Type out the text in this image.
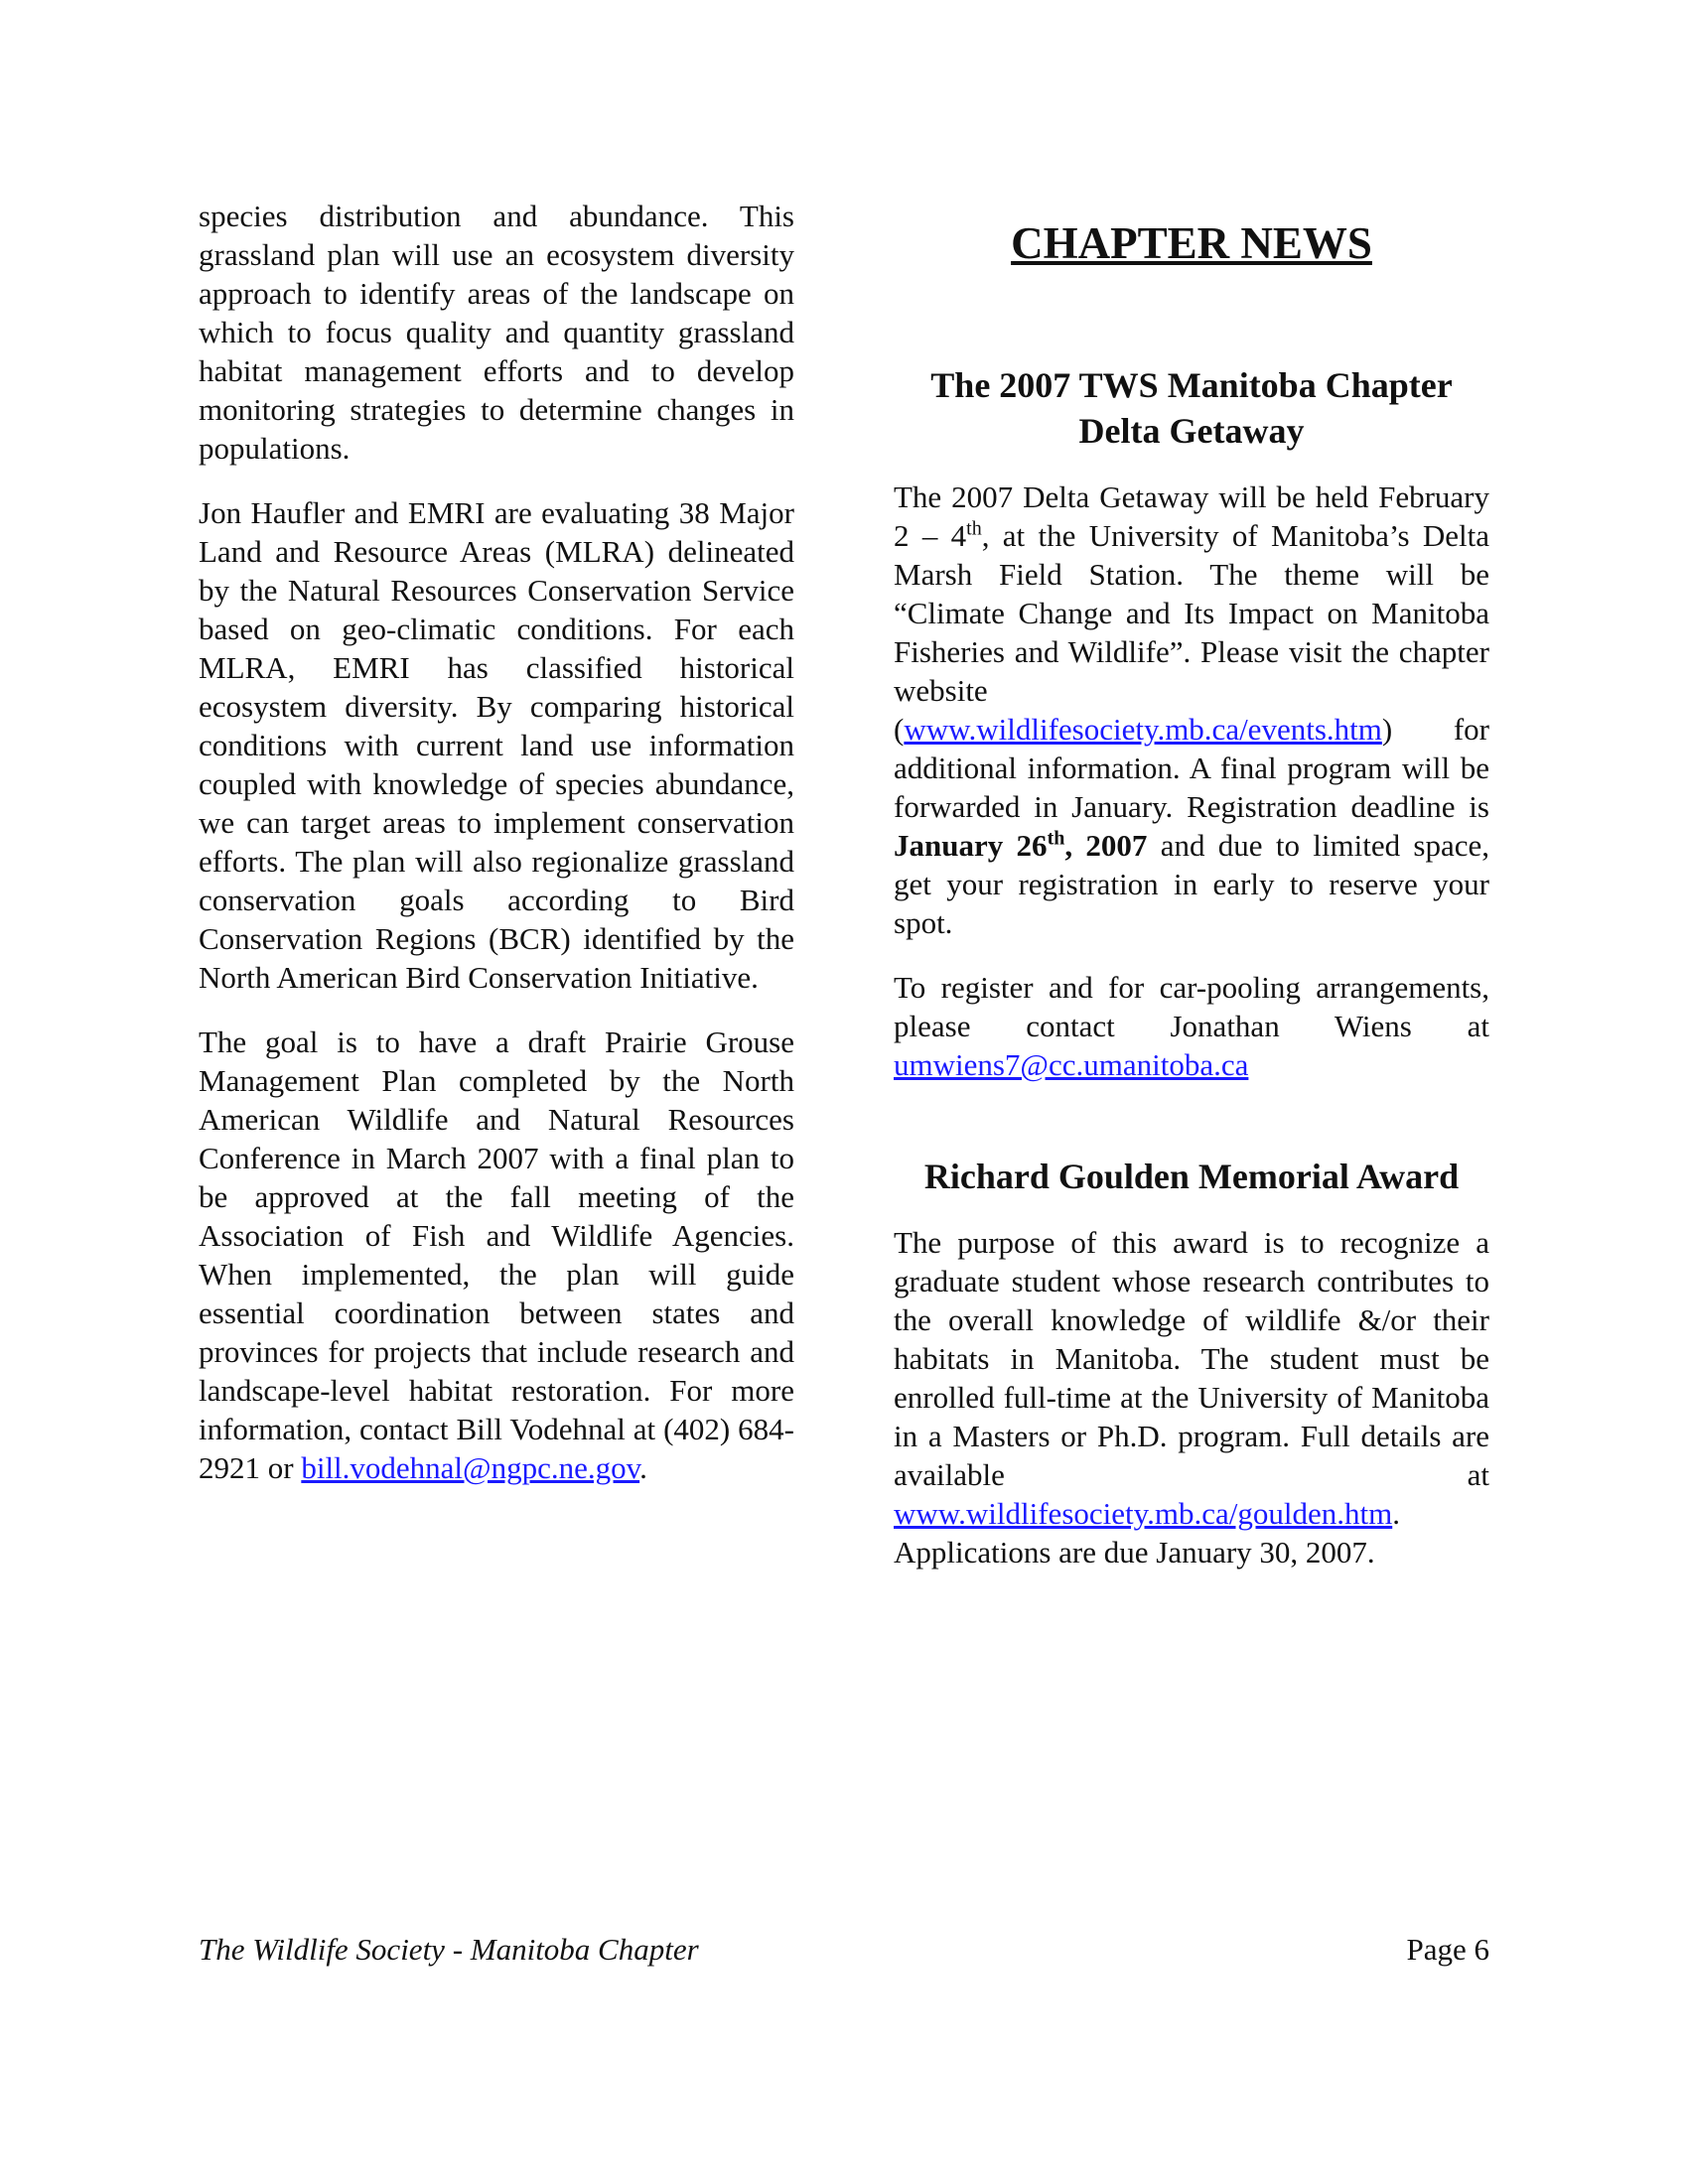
species distribution and abundance. This grassland plan will use an ecosystem diversity approach to identify areas of the landscape on which to focus quality and quantity grassland habitat management efforts and to develop monitoring strategies to determine changes in populations.

Jon Haufler and EMRI are evaluating 38 Major Land and Resource Areas (MLRA) delineated by the Natural Resources Conservation Service based on geo-climatic conditions. For each MLRA, EMRI has classified historical ecosystem diversity. By comparing historical conditions with current land use information coupled with knowledge of species abundance, we can target areas to implement conservation efforts. The plan will also regionalize grassland conservation goals according to Bird Conservation Regions (BCR) identified by the North American Bird Conservation Initiative.

The goal is to have a draft Prairie Grouse Management Plan completed by the North American Wildlife and Natural Resources Conference in March 2007 with a final plan to be approved at the fall meeting of the Association of Fish and Wildlife Agencies. When implemented, the plan will guide essential coordination between states and provinces for projects that include research and landscape-level habitat restoration. For more information, contact Bill Vodehnal at (402) 684-2921 or bill.vodehnal@ngpc.ne.gov.

CHAPTER NEWS
The 2007 TWS Manitoba Chapter Delta Getaway

The 2007 Delta Getaway will be held February 2 – 4th, at the University of Manitoba’s Delta Marsh Field Station. The theme will be “Climate Change and Its Impact on Manitoba Fisheries and Wildlife”. Please visit the chapter website (www.wildlifesociety.mb.ca/events.htm) for additional information. A final program will be forwarded in January. Registration deadline is January 26th, 2007 and due to limited space, get your registration in early to reserve your spot.

To register and for car-pooling arrangements, please contact Jonathan Wiens at umwiens7@cc.umanitoba.ca

Richard Goulden Memorial Award

The purpose of this award is to recognize a graduate student whose research contributes to the overall knowledge of wildlife &/or their habitats in Manitoba. The student must be enrolled full-time at the University of Manitoba in a Masters or Ph.D. program. Full details are available at www.wildlifesociety.mb.ca/goulden.htm. Applications are due January 30, 2007.

The Wildlife Society - Manitoba Chapter	Page 6
